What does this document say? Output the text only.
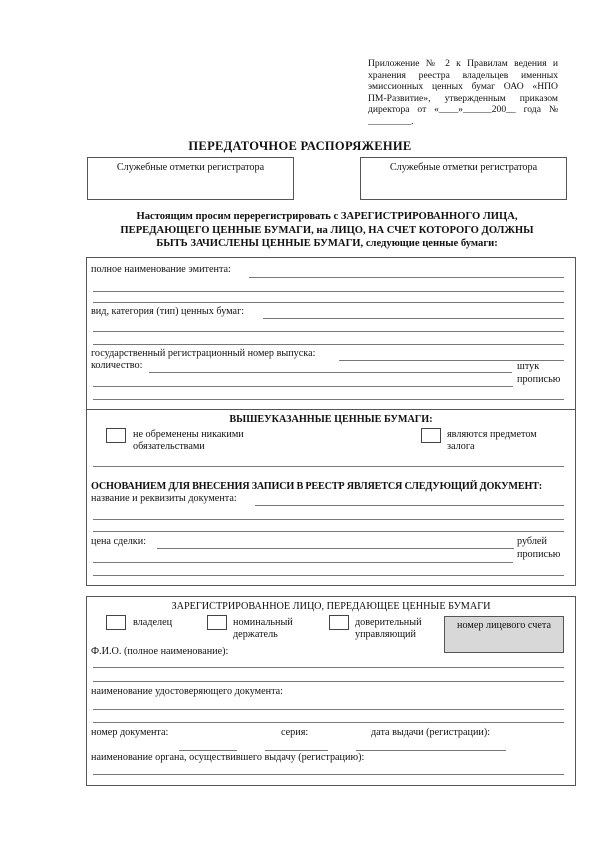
Приложение № 2 к Правилам ведения и
хранения реестра владельцев именных
эмиссионных ценных бумаг ОАО «НПО
ПМ-Развитие», утвержденным приказом
директора от «____»______200__ года №
_________.
ПЕРЕДАТОЧНОЕ РАСПОРЯЖЕНИЕ
Служебные отметки регистратора	Служебные отметки регистратора
Настоящим просим перерегистрировать с ЗАРЕГИСТРИРОВАННОГО ЛИЦА,
ПЕРЕДАЮЩЕГО ЦЕННЫЕ БУМАГИ, на ЛИЦО, НА СЧЕТ КОТОРОГО ДОЛЖНЫ
БЫТЬ ЗАЧИСЛЕНЫ ЦЕННЫЕ БУМАГИ, следующие ценные бумаги:
полное наименование эмитента:
вид, категория (тип) ценных бумаг:
государственный регистрационный номер выпуска:
количество:	штук
прописью
ВЫШЕУКАЗАННЫЕ ЦЕННЫЕ БУМАГИ:
не обременены никакими
обязательствами
являются предметом
залога
ОСНОВАНИЕМ ДЛЯ ВНЕСЕНИЯ ЗАПИСИ В РЕЕСТР ЯВЛЯЕТСЯ СЛЕДУЮЩИЙ ДОКУМЕНТ:
название и реквизиты документа:
цена сделки:	рублей
прописью
ЗАРЕГИСТРИРОВАННОЕ ЛИЦО, ПЕРЕДАЮЩЕЕ ЦЕННЫЕ БУМАГИ
владелец	номинальный
держатель
доверительный
управляющий
номер лицевого счета
Ф.И.О. (полное наименование):
наименование удостоверяющего документа:
номер документа:	серия:	дата выдачи (регистрации):
наименование органа, осуществившего выдачу (регистрацию):
